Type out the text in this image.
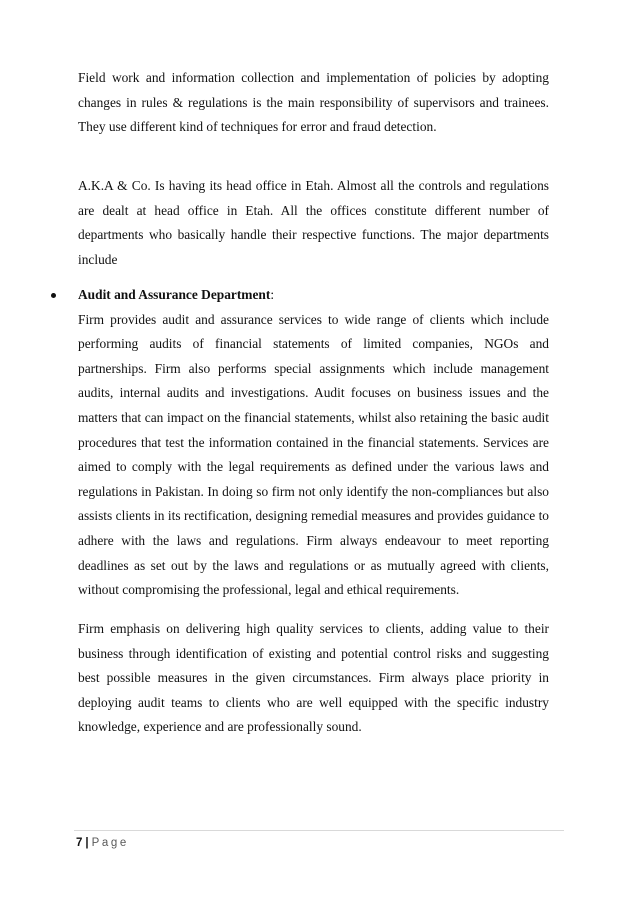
Field work and information collection and implementation of policies by adopting changes in rules & regulations is the main responsibility of supervisors and trainees. They use different kind of techniques for error and fraud detection.

A.K.A & Co. Is having its head office in Etah. Almost all the controls and regulations are dealt at head office in Etah. All the offices constitute different number of departments who basically handle their respective functions. The major departments include

Audit and Assurance Department:

Firm provides audit and assurance services to wide range of clients which include performing audits of financial statements of limited companies, NGOs and partnerships. Firm also performs special assignments which include management audits, internal audits and investigations. Audit focuses on business issues and the matters that can impact on the financial statements, whilst also retaining the basic audit procedures that test the information contained in the financial statements. Services are aimed to comply with the legal requirements as defined under the various laws and regulations in Pakistan. In doing so firm not only identify the non-compliances but also assists clients in its rectification, designing remedial measures and provides guidance to adhere with the laws and regulations. Firm always endeavour to meet reporting deadlines as set out by the laws and regulations or as mutually agreed with clients, without compromising the professional, legal and ethical requirements.

Firm emphasis on delivering high quality services to clients, adding value to their business through identification of existing and potential control risks and suggesting best possible measures in the given circumstances. Firm always place priority in deploying audit teams to clients who are well equipped with the specific industry knowledge, experience and are professionally sound.

7 | Page
